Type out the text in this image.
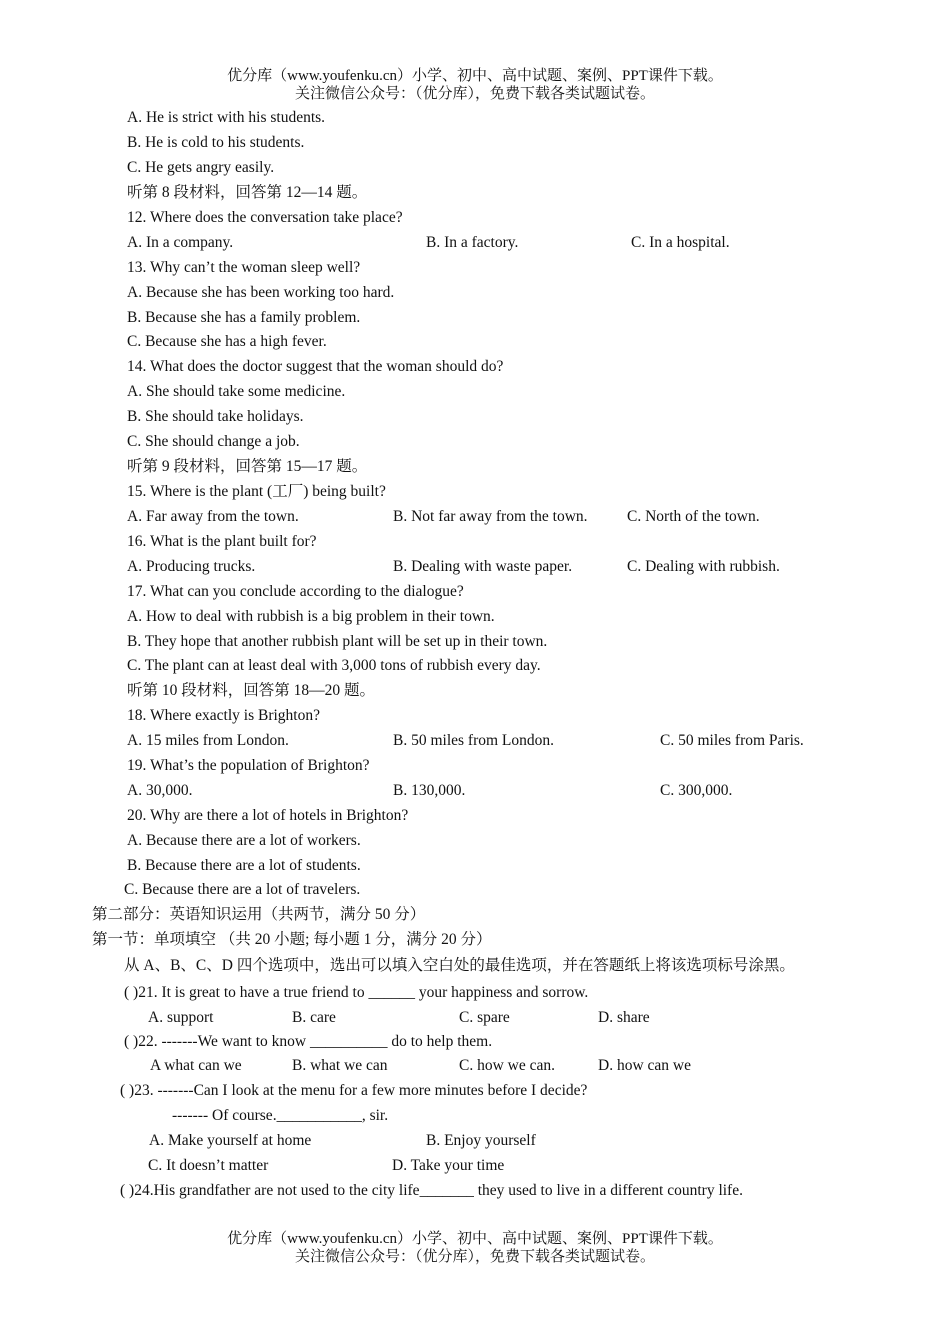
优分库（www.youfenku.cn）小学、初中、高中试题、案例、PPT课件下载。
关注微信公众号：（优分库），免费下载各类试题试卷。
A. He is strict with his students.
B. He is cold to his students.
C. He gets angry easily.
听第 8 段材料，回答第 12—14 题。
12. Where does the conversation take place?
A. In a company.	B. In a factory.	C. In a hospital.
13. Why can’t the woman sleep well?
A. Because she has been working too hard.
B. Because she has a family problem.
C. Because she has a high fever.
14. What does the doctor suggest that the woman should do?
A. She should take some medicine.
B. She should take holidays.
C. She should change a job.
听第 9 段材料，回答第 15—17 题。
15. Where is the plant (工厂) being built?
A. Far away from the town.	B. Not far away from the town.	C. North of the town.
16. What is the plant built for?
A. Producing trucks.	B. Dealing with waste paper.	C. Dealing with rubbish.
17. What can you conclude according to the dialogue?
A. How to deal with rubbish is a big problem in their town.
B. They hope that another rubbish plant will be set up in their town.
C. The plant can at least deal with 3,000 tons of rubbish every day.
听第 10 段材料，回答第 18—20 题。
18. Where exactly is Brighton?
A. 15 miles from London.	B. 50 miles from London.	C. 50 miles from Paris.
19. What’s the population of Brighton?
A. 30,000.	B. 130,000.	C. 300,000.
20. Why are there a lot of hotels in Brighton?
A. Because there are a lot of workers.
B. Because there are a lot of students.
C. Because there are a lot of travelers.
第二部分：英语知识运用（共两节，满分 50 分）
第一节：单项填空 （共 20 小题; 每小题 1 分，满分 20 分）
从 A、B、C、D 四个选项中，选出可以填入空白处的最佳选项，并在答题纸上将该选项标号涂黑。
( )21. It is great to have a true friend to ______ your happiness and sorrow.
A. support	B. care	C. spare	D. share
( )22. -------We want to know __________ do to help them.
A what can we	B. what we can	C. how we can.	D. how can we
( )23. -------Can I look at the menu for a few more minutes before I decide?
------- Of course.___________, sir.
A. Make yourself at home	B. Enjoy yourself
C. It doesn’t matter	D. Take your time
( )24.His grandfather are not used to the city life_______ they used to live in a different country life.
优分库（www.youfenku.cn）小学、初中、高中试题、案例、PPT课件下载。
关注微信公众号：（优分库），免费下载各类试题试卷。
